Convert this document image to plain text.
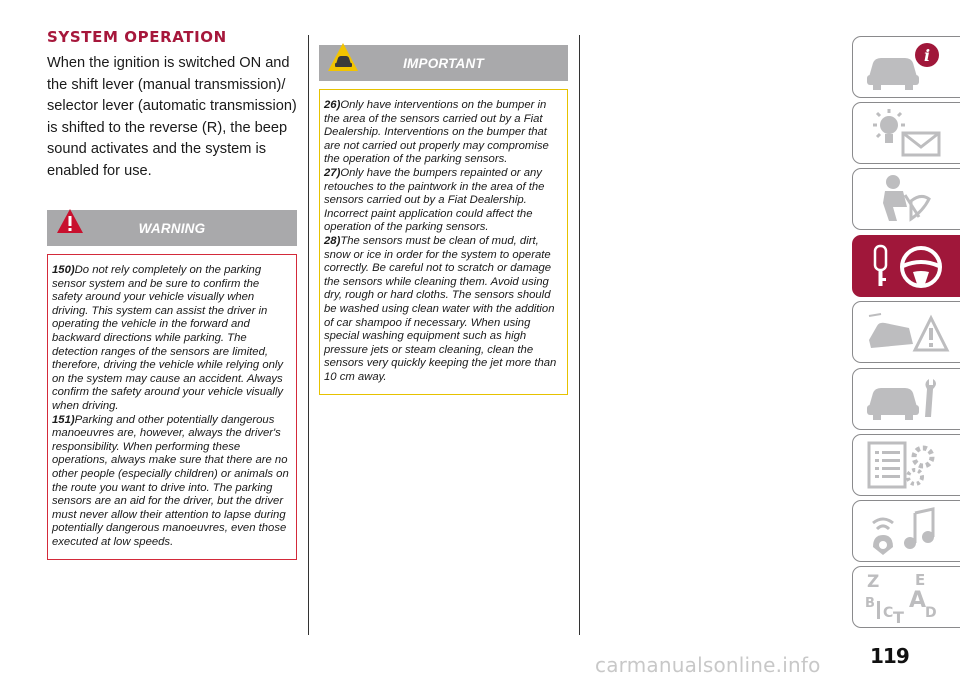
SYSTEM OPERATION

When the ignition is switched ON and the shift lever (manual transmission)/ selector lever (automatic transmission) is shifted to the reverse (R), the beep sound activates and the system is enabled for use.

WARNING

150)Do not rely completely on the parking sensor system and be sure to confirm the safety around your vehicle visually when driving. This system can assist the driver in operating the vehicle in the forward and backward directions while parking. The detection ranges of the sensors are limited, therefore, driving the vehicle while relying only on the system may cause an accident. Always confirm the safety around your vehicle visually when driving.

151)Parking and other potentially dangerous manoeuvres are, however, always the driver's responsibility. When performing these operations, always make sure that there are no other people (especially children) or animals on the route you want to drive into. The parking sensors are an aid for the driver, but the driver must never allow their attention to lapse during potentially dangerous manoeuvres, even those executed at low speeds.

IMPORTANT

26)Only have interventions on the bumper in the area of the sensors carried out by a Fiat Dealership. Interventions on the bumper that are not carried out properly may compromise the operation of the parking sensors.

27)Only have the bumpers repainted or any retouches to the paintwork in the area of the sensors carried out by a Fiat Dealership. Incorrect paint application could affect the operation of the parking sensors.

28)The sensors must be clean of mud, dirt, snow or ice in order for the system to operate correctly. Be careful not to scratch or damage the sensors while cleaning them. Avoid using dry, rough or hard cloths. The sensors should be washed using clean water with the addition of car shampoo if necessary. When using special washing equipment such as high pressure jets or steam cleaning, clean the sensors very quickly keeping the jet more than 10 cm away.

i
Z E
B A
C D
T
119
carmanualsonline.info
